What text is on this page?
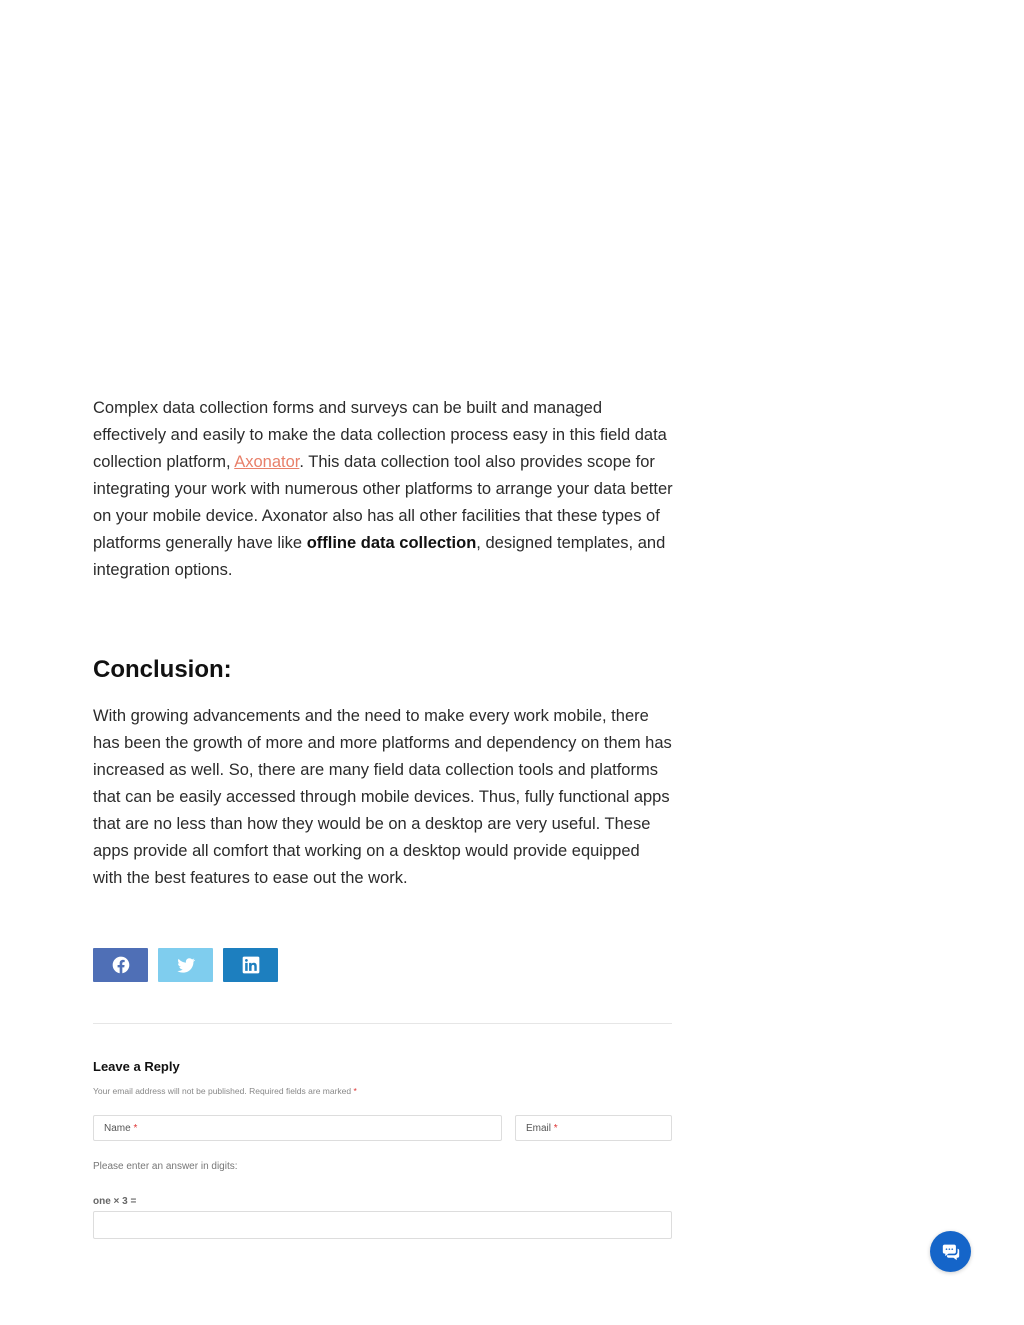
Complex data collection forms and surveys can be built and managed effectively and easily to make the data collection process easy in this field data collection platform, Axonator. This data collection tool also provides scope for integrating your work with numerous other platforms to arrange your data better on your mobile device. Axonator also has all other facilities that these types of platforms generally have like offline data collection, designed templates, and integration options.

Conclusion:

With growing advancements and the need to make every work mobile, there has been the growth of more and more platforms and dependency on them has increased as well. So, there are many field data collection tools and platforms that can be easily accessed through mobile devices. Thus, fully functional apps that are no less than how they would be on a desktop are very useful. These apps provide all comfort that working on a desktop would provide equipped with the best features to ease out the work.

Leave a Reply
Your email address will not be published. Required fields are marked *
Name
*	Email
*
Please enter an answer in digits:
one × 3 =
